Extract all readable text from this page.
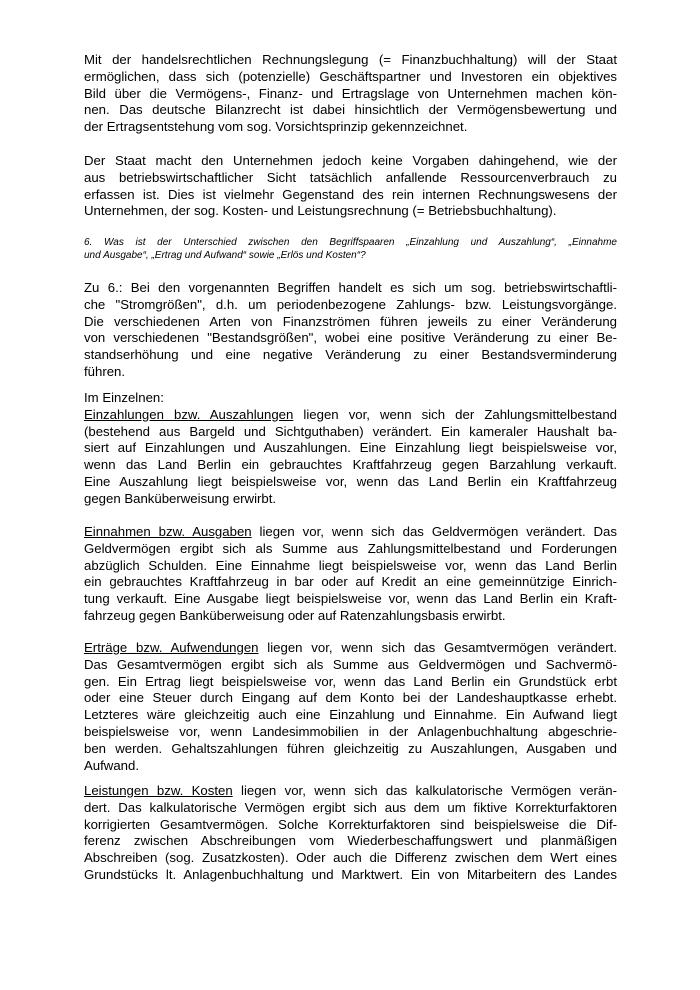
Mit der handelsrechtlichen Rechnungslegung (= Finanzbuchhaltung) will der Staat
ermöglichen, dass sich (potenzielle) Geschäftspartner und Investoren ein objektives
Bild über die Vermögens-, Finanz- und Ertragslage von Unternehmen machen kön-
nen. Das deutsche Bilanzrecht ist dabei hinsichtlich der Vermögensbewertung und
der Ertragsentstehung vom sog. Vorsichtsprinzip gekennzeichnet.

Der Staat macht den Unternehmen jedoch keine Vorgaben dahingehend, wie der
aus betriebswirtschaftlicher Sicht tatsächlich anfallende Ressourcenverbrauch zu
erfassen ist. Dies ist vielmehr Gegenstand des rein internen Rechnungswesens der
Unternehmen, der sog. Kosten- und Leistungsrechnung (= Betriebsbuchhaltung).

6. Was ist der Unterschied zwischen den Begriffspaaren „Einzahlung und Auszahlung“, „Einnahme
und Ausgabe“, „Ertrag und Aufwand“ sowie „Erlös und Kosten“?

Zu 6.: Bei den vorgenannten Begriffen handelt es sich um sog. betriebswirtschaftli-
che "Stromgrößen", d.h. um periodenbezogene Zahlungs- bzw. Leistungsvorgänge.
Die verschiedenen Arten von Finanzströmen führen jeweils zu einer Veränderung
von verschiedenen "Bestandsgrößen", wobei eine positive Veränderung zu einer Be-
standserhöhung und eine negative Veränderung zu einer Bestandsverminderung
führen.

Im Einzelnen:
Einzahlungen bzw. Auszahlungen liegen vor, wenn sich der Zahlungsmittelbestand
(bestehend aus Bargeld und Sichtguthaben) verändert. Ein kameraler Haushalt ba-
siert auf Einzahlungen und Auszahlungen. Eine Einzahlung liegt beispielsweise vor,
wenn das Land Berlin ein gebrauchtes Kraftfahrzeug gegen Barzahlung verkauft.
Eine Auszahlung liegt beispielsweise vor, wenn das Land Berlin ein Kraftfahrzeug
gegen Banküberweisung erwirbt.

Einnahmen bzw. Ausgaben liegen vor, wenn sich das Geldvermögen verändert. Das
Geldvermögen ergibt sich als Summe aus Zahlungsmittelbestand und Forderungen
abzüglich Schulden. Eine Einnahme liegt beispielsweise vor, wenn das Land Berlin
ein gebrauchtes Kraftfahrzeug in bar oder auf Kredit an eine gemeinnützige Einrich-
tung verkauft. Eine Ausgabe liegt beispielsweise vor, wenn das Land Berlin ein Kraft-
fahrzeug gegen Banküberweisung oder auf Ratenzahlungsbasis erwirbt.

Erträge bzw. Aufwendungen liegen vor, wenn sich das Gesamtvermögen verändert.
Das Gesamtvermögen ergibt sich als Summe aus Geldvermögen und Sachvermö-
gen. Ein Ertrag liegt beispielsweise vor, wenn das Land Berlin ein Grundstück erbt
oder eine Steuer durch Eingang auf dem Konto bei der Landeshauptkasse erhebt.
Letzteres wäre gleichzeitig auch eine Einzahlung und Einnahme. Ein Aufwand liegt
beispielsweise vor, wenn Landesimmobilien in der Anlagenbuchhaltung abgeschrie-
ben werden. Gehaltszahlungen führen gleichzeitig zu Auszahlungen, Ausgaben und
Aufwand.

Leistungen bzw. Kosten liegen vor, wenn sich das kalkulatorische Vermögen verän-
dert. Das kalkulatorische Vermögen ergibt sich aus dem um fiktive Korrekturfaktoren
korrigierten Gesamtvermögen. Solche Korrekturfaktoren sind beispielsweise die Dif-
ferenz zwischen Abschreibungen vom Wiederbeschaffungswert und planmäßigen
Abschreiben (sog. Zusatzkosten). Oder auch die Differenz zwischen dem Wert eines
Grundstücks lt. Anlagenbuchhaltung und Marktwert. Ein von Mitarbeitern des Landes
